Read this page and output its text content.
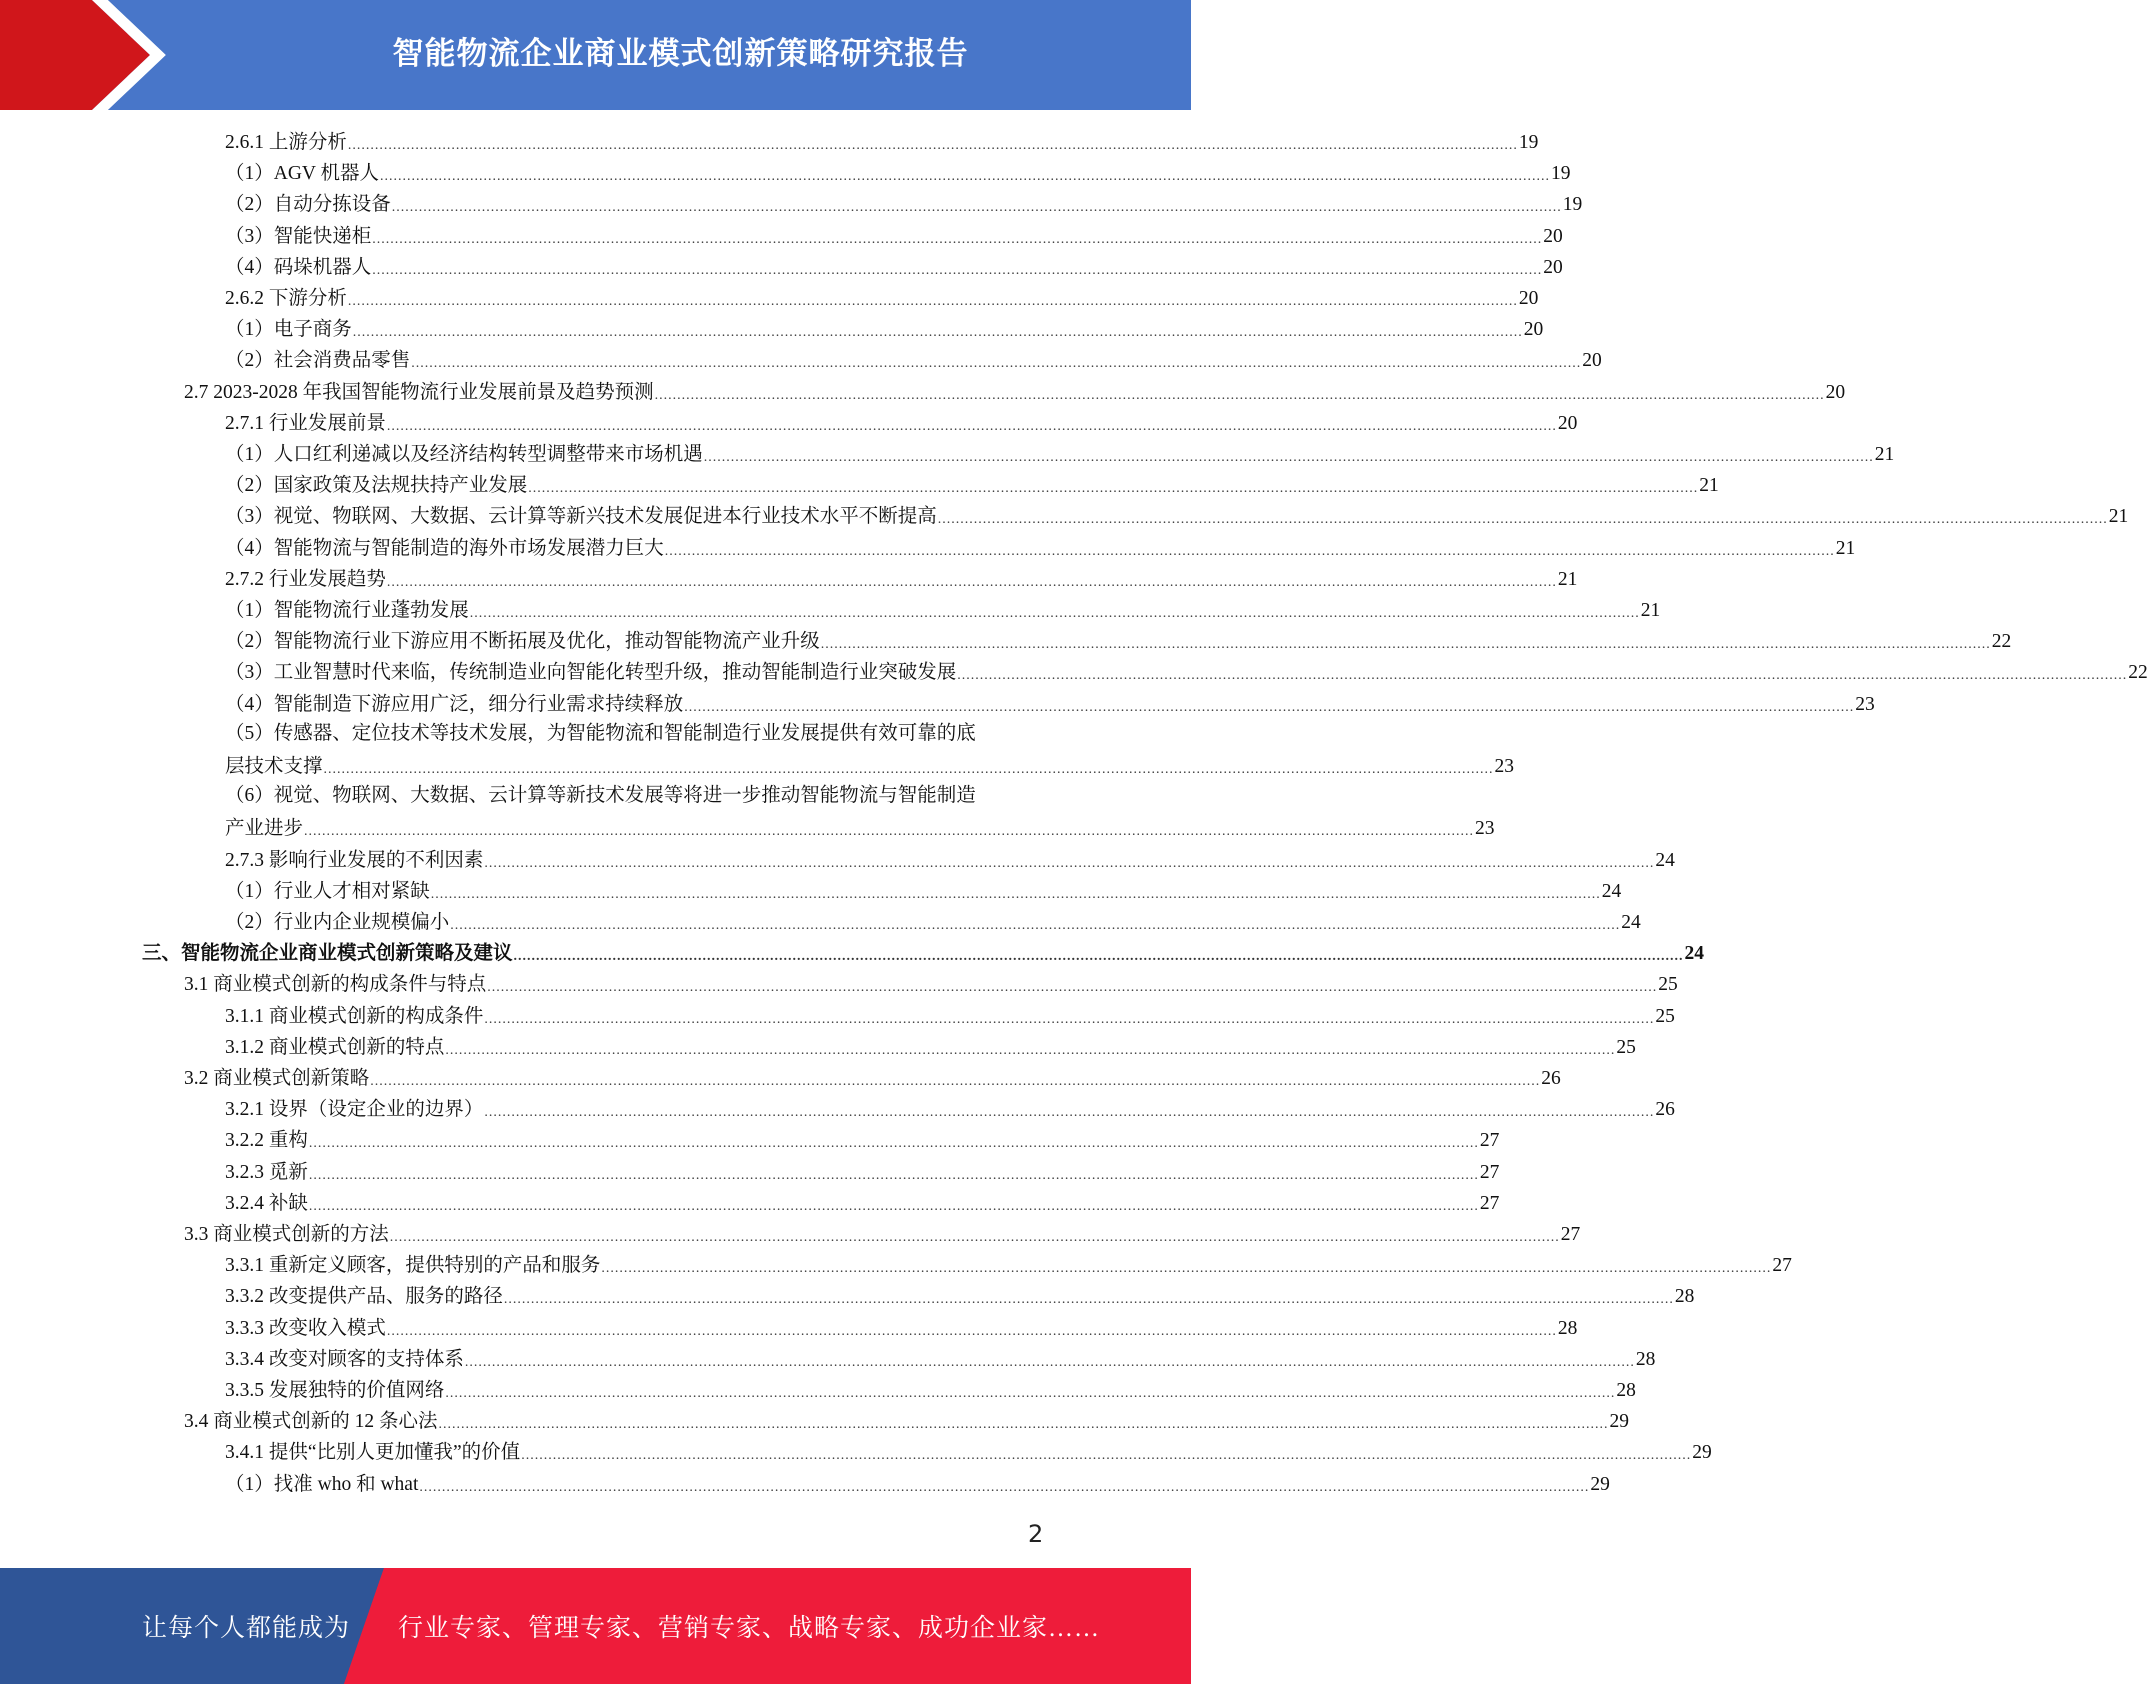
智能物流企业商业模式创新策略研究报告
2.6.1 上游分析 .................................................................................................................................................................................................................................................................... 19
（1）AGV 机器人 .................................................................................................................................................................................................................................................................... 19
（2）自动分拣设备 .................................................................................................................................................................................................................................................................... 19
（3）智能快递柜 .................................................................................................................................................................................................................................................................... 20
（4）码垛机器人 .................................................................................................................................................................................................................................................................... 20
2.6.2 下游分析 .................................................................................................................................................................................................................................................................... 20
（1）电子商务 .................................................................................................................................................................................................................................................................... 20
（2）社会消费品零售 .................................................................................................................................................................................................................................................................... 20
2.7 2023-2028 年我国智能物流行业发展前景及趋势预测 .................................................................................................................................................................................................................................................................... 20
2.7.1 行业发展前景 .................................................................................................................................................................................................................................................................... 20
（1）人口红利递减以及经济结构转型调整带来市场机遇 .................................................................................................................................................................................................................................................................... 21
（2）国家政策及法规扶持产业发展 .................................................................................................................................................................................................................................................................... 21
（3）视觉、物联网、大数据、云计算等新兴技术发展促进本行业技术水平不断提高 .................................................................................................................................................................................................................................................................... 21
（4）智能物流与智能制造的海外市场发展潜力巨大 .................................................................................................................................................................................................................................................................... 21
2.7.2 行业发展趋势 .................................................................................................................................................................................................................................................................... 21
（1）智能物流行业蓬勃发展 .................................................................................................................................................................................................................................................................... 21
（2）智能物流行业下游应用不断拓展及优化，推动智能物流产业升级 .................................................................................................................................................................................................................................................................... 22
（3）工业智慧时代来临，传统制造业向智能化转型升级，推动智能制造行业突破发展 .................................................................................................................................................................................................................................................................... 22
（4）智能制造下游应用广泛，细分行业需求持续释放 .................................................................................................................................................................................................................................................................... 23
（5）传感器、定位技术等技术发展，为智能物流和智能制造行业发展提供有效可靠的底
层技术支撑 .................................................................................................................................................................................................................................................................... 23
（6）视觉、物联网、大数据、云计算等新技术发展等将进一步推动智能物流与智能制造
产业进步 .................................................................................................................................................................................................................................................................... 23
2.7.3 影响行业发展的不利因素 .................................................................................................................................................................................................................................................................... 24
（1）行业人才相对紧缺 .................................................................................................................................................................................................................................................................... 24
（2）行业内企业规模偏小 .................................................................................................................................................................................................................................................................... 24
三、智能物流企业商业模式创新策略及建议 .................................................................................................................................................................................................................................................................... 24
3.1 商业模式创新的构成条件与特点 .................................................................................................................................................................................................................................................................... 25
3.1.1 商业模式创新的构成条件 .................................................................................................................................................................................................................................................................... 25
3.1.2 商业模式创新的特点 .................................................................................................................................................................................................................................................................... 25
3.2 商业模式创新策略 .................................................................................................................................................................................................................................................................... 26
3.2.1 设界（设定企业的边界） .................................................................................................................................................................................................................................................................... 26
3.2.2 重构 .................................................................................................................................................................................................................................................................... 27
3.2.3 觅新 .................................................................................................................................................................................................................................................................... 27
3.2.4 补缺 .................................................................................................................................................................................................................................................................... 27
3.3 商业模式创新的方法 .................................................................................................................................................................................................................................................................... 27
3.3.1 重新定义顾客，提供特别的产品和服务 .................................................................................................................................................................................................................................................................... 27
3.3.2 改变提供产品、服务的路径 .................................................................................................................................................................................................................................................................... 28
3.3.3 改变收入模式 .................................................................................................................................................................................................................................................................... 28
3.3.4 改变对顾客的支持体系 .................................................................................................................................................................................................................................................................... 28
3.3.5 发展独特的价值网络 .................................................................................................................................................................................................................................................................... 28
3.4 商业模式创新的 12 条心法 .................................................................................................................................................................................................................................................................... 29
3.4.1 提供“比别人更加懂我”的价值 .................................................................................................................................................................................................................................................................... 29
（1）找准 who 和 what .................................................................................................................................................................................................................................................................... 29
2
让每个人都能成为 行业专家、管理专家、营销专家、战略专家、成功企业家……
